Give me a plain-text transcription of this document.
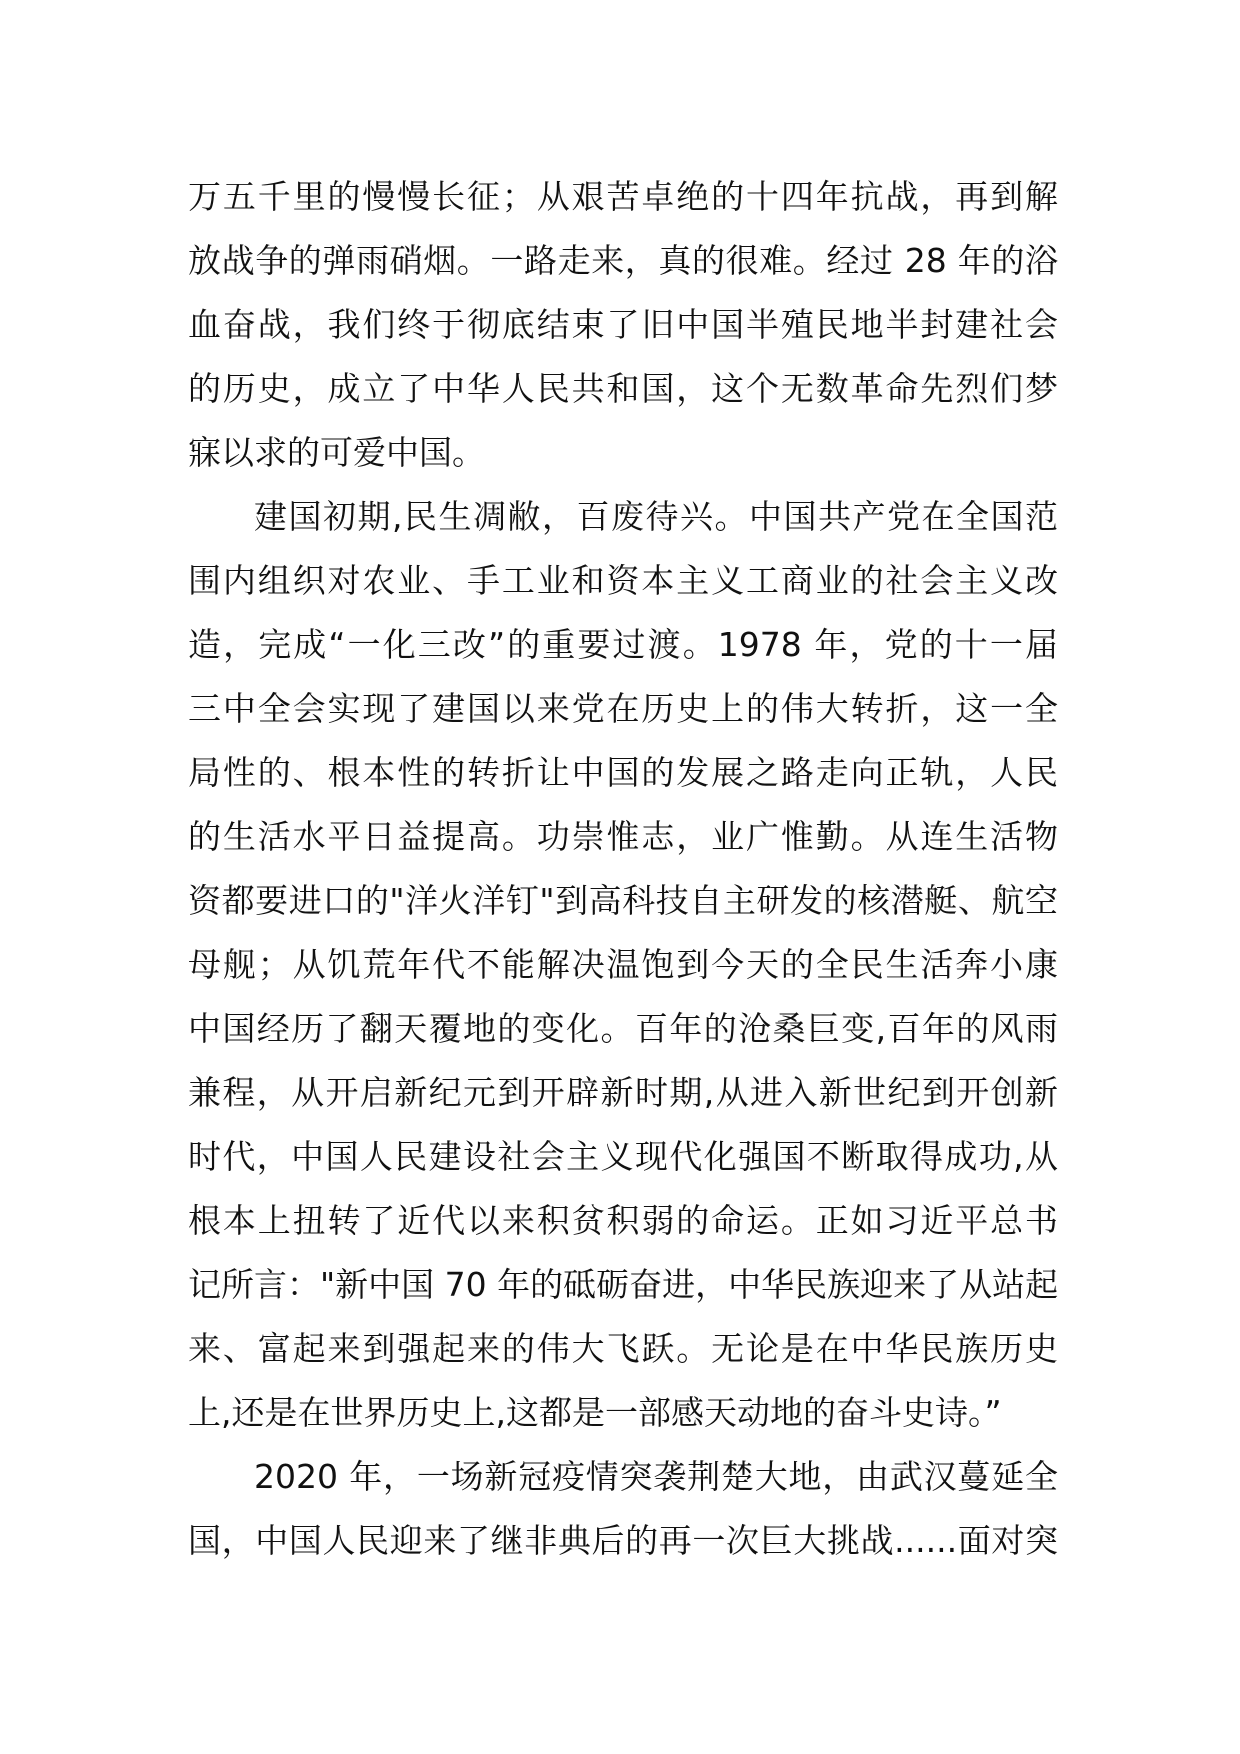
万五千里的慢慢长征；从艰苦卓绝的十四年抗战，再到解
放战争的弹雨硝烟。一路走来，真的很难。经过 28 年的浴
血奋战，我们终于彻底结束了旧中国半殖民地半封建社会
的历史，成立了中华人民共和国，这个无数革命先烈们梦
寐以求的可爱中国。
建国初期,民生凋敝，百废待兴。中国共产党在全国范
围内组织对农业、手工业和资本主义工商业的社会主义改
造，完成“一化三改”的重要过渡。1978 年，党的十一届
三中全会实现了建国以来党在历史上的伟大转折，这一全
局性的、根本性的转折让中国的发展之路走向正轨，人民
的生活水平日益提高。功崇惟志，业广惟勤。从连生活物
资都要进口的"洋火洋钉"到高科技自主研发的核潜艇、航空
母舰；从饥荒年代不能解决温饱到今天的全民生活奔小康
中国经历了翻天覆地的变化。百年的沧桑巨变,百年的风雨
兼程，从开启新纪元到开辟新时期,从进入新世纪到开创新
时代，中国人民建设社会主义现代化强国不断取得成功,从
根本上扭转了近代以来积贫积弱的命运。正如习近平总书
记所言："新中国 70 年的砥砺奋进，中华民族迎来了从站起
来、富起来到强起来的伟大飞跃。无论是在中华民族历史
上,还是在世界历史上,这都是一部感天动地的奋斗史诗。”
2020 年，一场新冠疫情突袭荆楚大地，由武汉蔓延全
国，中国人民迎来了继非典后的再一次巨大挑战......面对突
